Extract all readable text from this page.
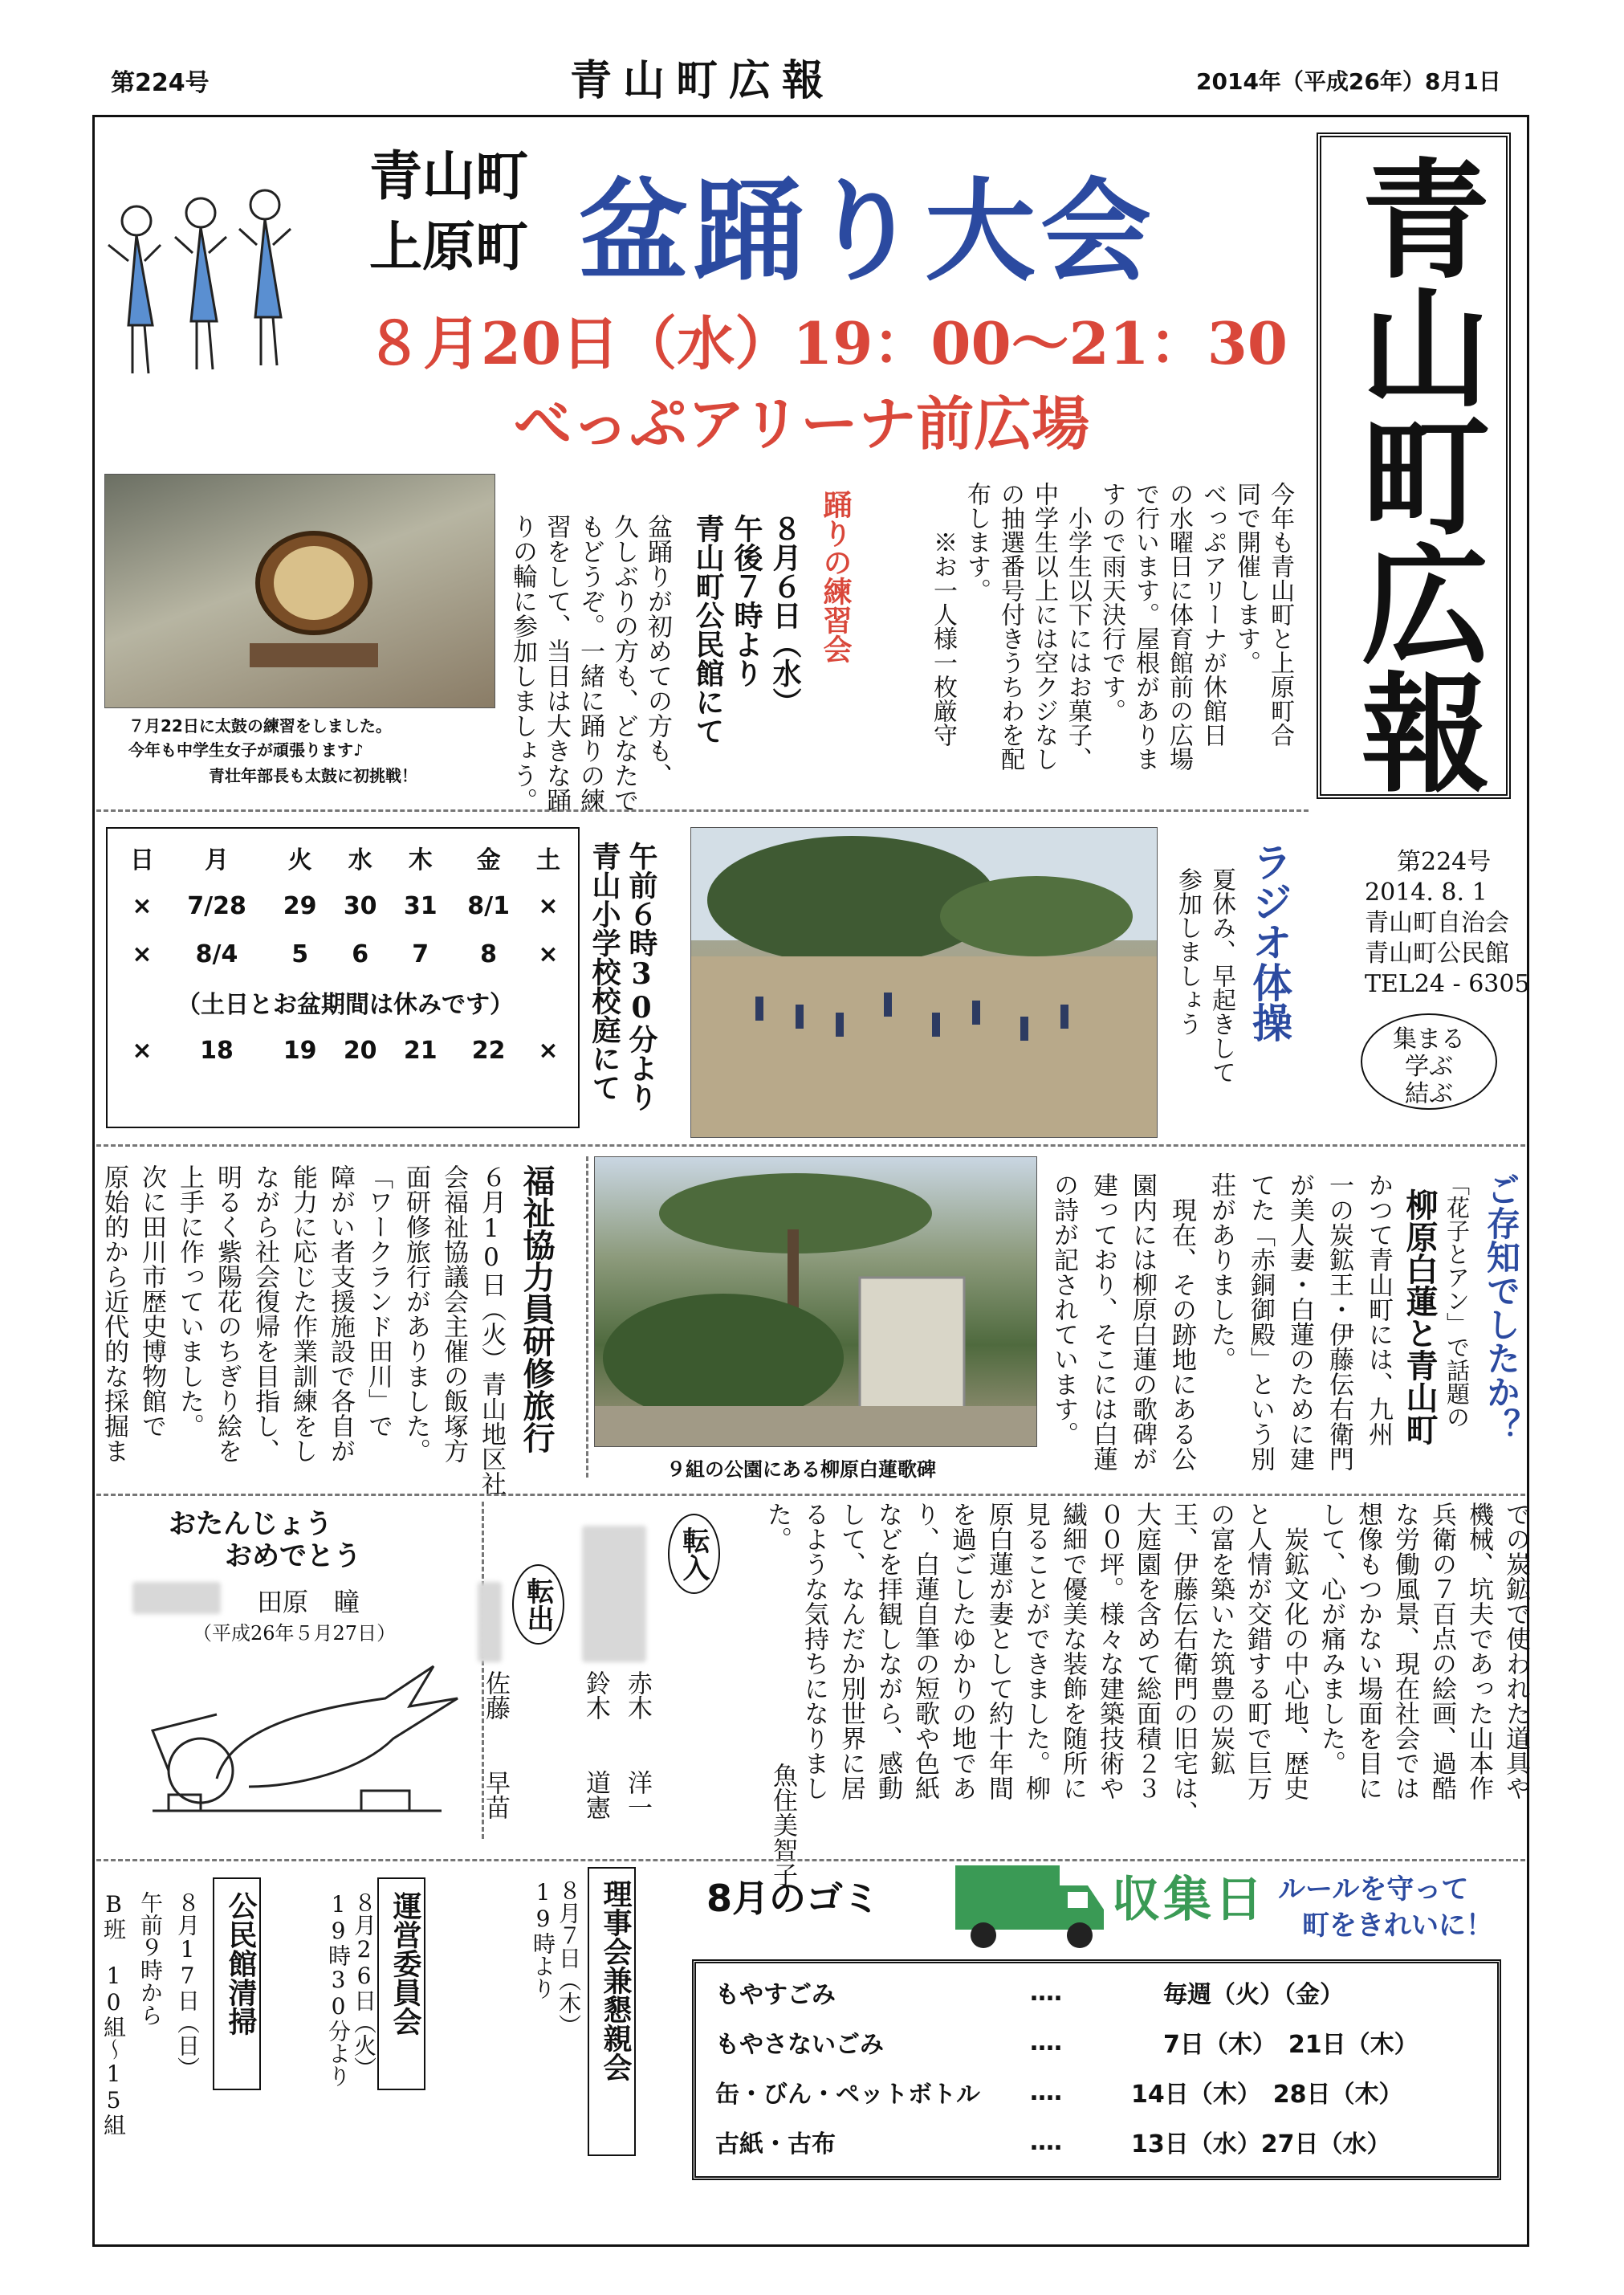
第224号	青山町広報	2014年（平成26年）8月1日
青山町広報
第224号
2014. 8. 1
青山町自治会
青山町公民館
TEL24 - 6305
集まる
学ぶ
結ぶ
青山町
上原町 盆踊り大会
８月20日（水）19：00〜21：30
べっぷアリーナ前広場
７月22日に太鼓の練習をしました。
今年も中学生女子が頑張ります♪
青壮年部長も太鼓に初挑戦！
今年も青山町と上原町合
同で開催します。
べっぷアリーナが休館日
の水曜日に体育館前の広場
で行います。屋根がありま
すので雨天決行です。
　小学生以下にはお菓子、
中学生以上には空クジなし
の抽選番号付きうちわを配
布します。
　　※お一人様一枚厳守
踊りの練習会
８月６日（水）
午後７時より
青山町公民館にて
盆踊りが初めての方も、
久しぶりの方も、どなたで
もどうぞ。一緒に踊りの練
習をして、当日は大きな踊
りの輪に参加しましょう。
日	月	火	水	木	金	土
×	7/28	29	30	31	8/1	×
×	8/4	5	6	7	8	×
（土日とお盆期間は休みです）						
×	18	19	20	21	22	×	午前６時30分より
青山小学校校庭にて	ラジオ体操
夏休み、早起きして
参加しましょう
福祉協力員研修旅行
６月10日（火）青山地区社
会福祉協議会主催の飯塚方
面研修旅行がありました。
「ワークランド田川」で
障がい者支援施設で各自が
能力に応じた作業訓練をし
ながら社会復帰を目指し、
明るく紫陽花のちぎり絵を
上手に作っていました。
次に田川市歴史博物館で
原始的から近代的な採掘ま
９組の公園にある柳原白蓮歌碑
ご存知でしたか？
「花子とアン」で話題の
柳原白蓮と青山町
かつて青山町には、九州
一の炭鉱王・伊藤伝右衛門
が美人妻・白蓮のために建
てた「赤銅御殿」という別
荘がありました。
　現在、その跡地にある公
園内には柳原白蓮の歌碑が
建っており、そこには白蓮
の詩が記されています。
での炭鉱で使われた道具や
機械、坑夫であった山本作
兵衛の７百点の絵画、過酷
な労働風景、現在社会では
想像もつかない場面を目に
して、心が痛みました。
　炭鉱文化の中心地、歴史
と人情が交錯する町で巨万
の富を築いた筑豊の炭鉱
王、伊藤伝右衛門の旧宅は、
大庭園を含めて総面積２３
００坪。様々な建築技術や
繊細で優美な装飾を随所に
見ることができました。柳
原白蓮が妻として約十年間
を過ごしたゆかりの地であ
り、白蓮自筆の短歌や色紙
などを拝観しながら、感動
して、なんだか別世界に居
るような気持ちになりまし
た。
魚住美智子
おたんじょう
おめでとう
田原　瞳
（平成26年５月27日）
転出
佐藤　　早苗
転入
赤木　　洋一
鈴木　　道憲
公民館清掃
８月17日（日）
午前９時から
B班　10組〜15組	運営委員会
８月26日（火）
19時30分より	理事会兼懇親会
８月７日（木）
19時より	8月のゴミ	収集日 ルールを守って
町をきれいに！
もやすごみ	‥‥	毎週（火）（金）
もやさないごみ	‥‥	7日（木）　21日（木）
缶・びん・ペットボトル	‥‥	14日（木）　28日（木）
古紙・古布	‥‥	13日（水）27日（水）
